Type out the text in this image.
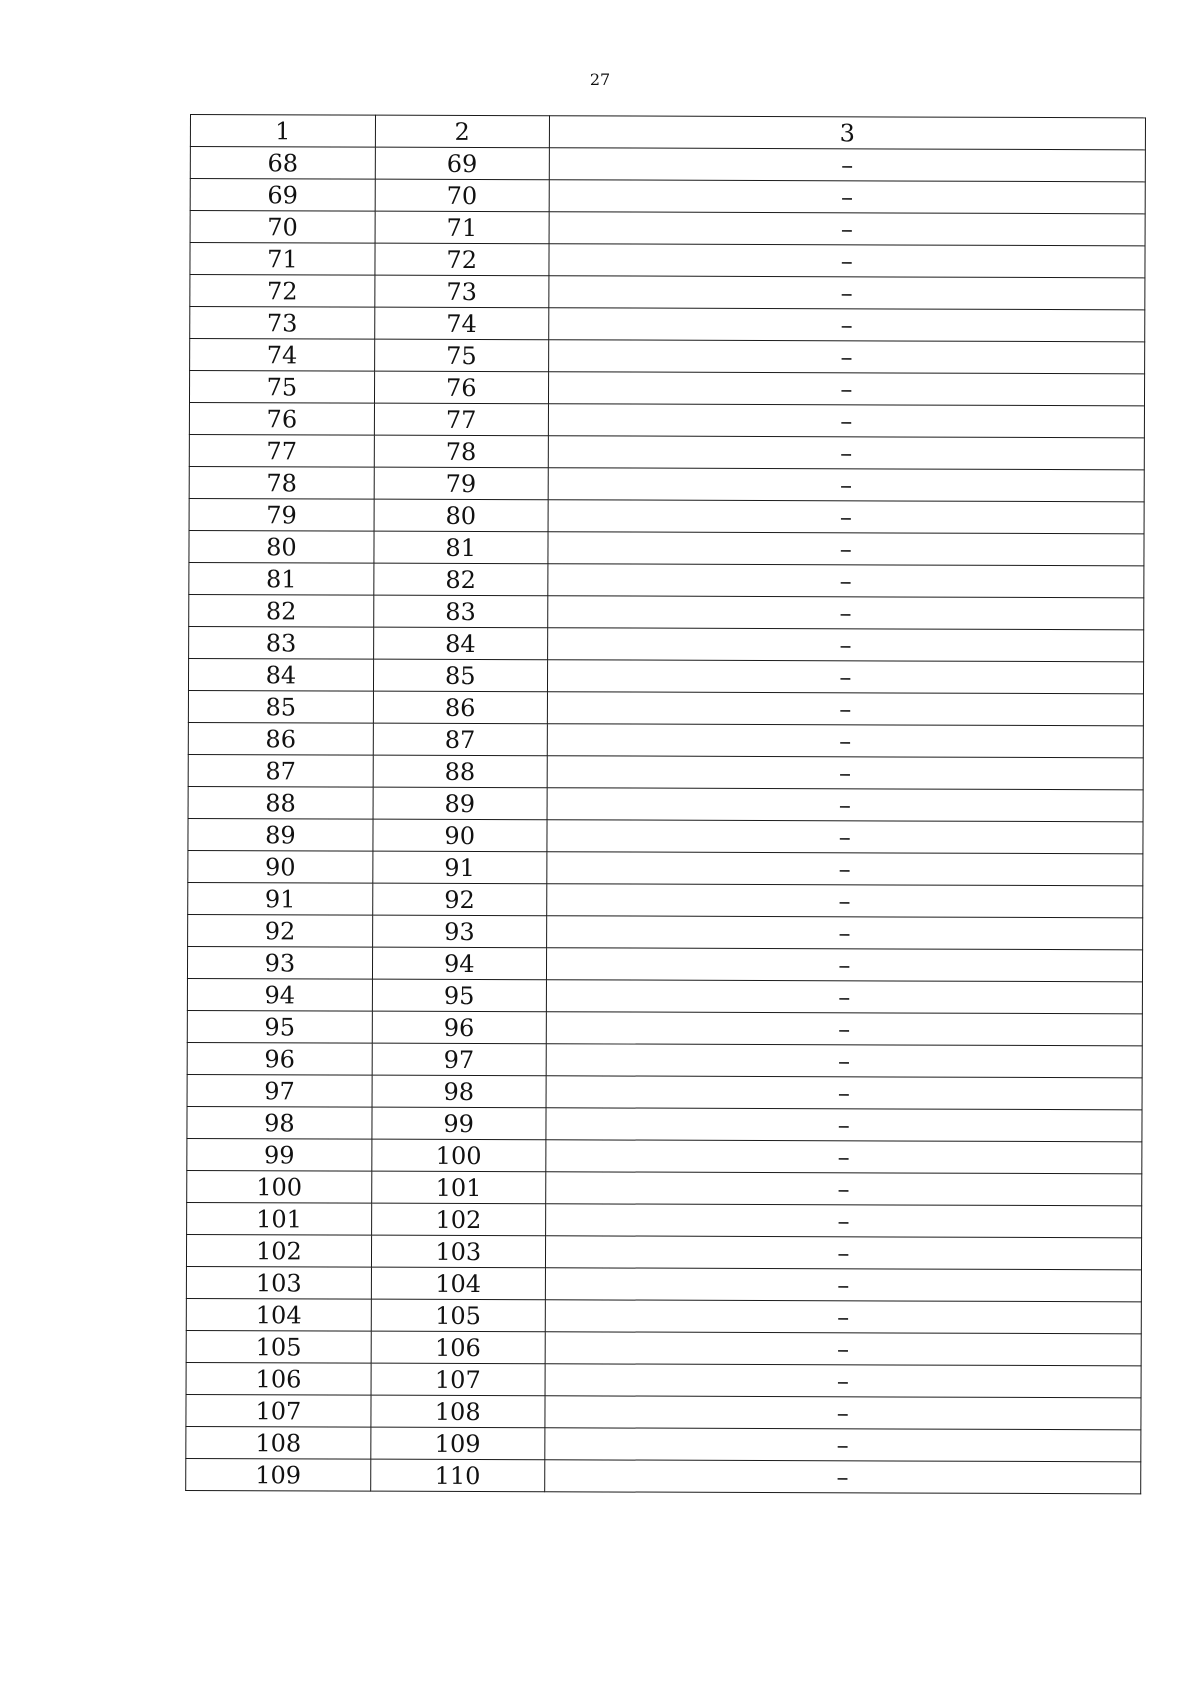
27
1	2	3
68	69	–
69	70	–
70	71	–
71	72	–
72	73	–
73	74	–
74	75	–
75	76	–
76	77	–
77	78	–
78	79	–
79	80	–
80	81	–
81	82	–
82	83	–
83	84	–
84	85	–
85	86	–
86	87	–
87	88	–
88	89	–
89	90	–
90	91	–
91	92	–
92	93	–
93	94	–
94	95	–
95	96	–
96	97	–
97	98	–
98	99	–
99	100	–
100	101	–
101	102	–
102	103	–
103	104	–
104	105	–
105	106	–
106	107	–
107	108	–
108	109	–
109	110	–
